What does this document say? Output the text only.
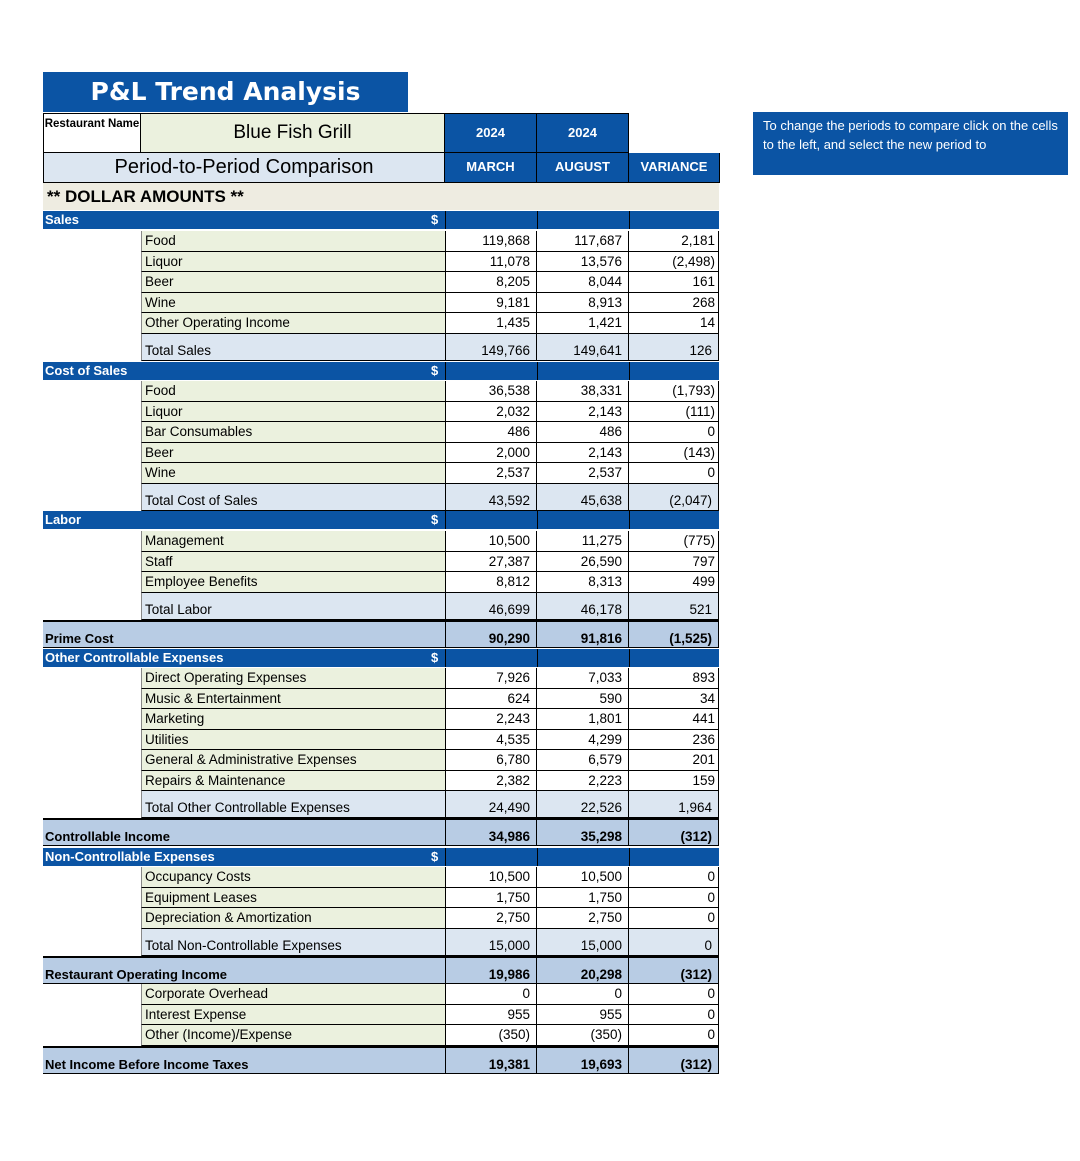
P&L Trend Analysis
To change the periods to compare click on the cells to the left, and select the new period to
Restaurant Name	Blue Fish Grill	2024	2024
Period-to-Period Comparison	MARCH	AUGUST	VARIANCE
** DOLLAR AMOUNTS **
Sales	$
Food	119,868	117,687	2,181
Liquor	11,078	13,576	(2,498)
Beer	8,205	8,044	161
Wine	9,181	8,913	268
Other Operating Income	1,435	1,421	14
Total Sales	149,766	149,641	126
Cost of Sales	$
Food	36,538	38,331	(1,793)
Liquor	2,032	2,143	(111)
Bar Consumables	486	486	0
Beer	2,000	2,143	(143)
Wine	2,537	2,537	0
Total Cost of Sales	43,592	45,638	(2,047)
Labor	$
Management	10,500	11,275	(775)
Staff	27,387	26,590	797
Employee Benefits	8,812	8,313	499
Total Labor	46,699	46,178	521
Prime Cost	90,290	91,816	(1,525)
Other Controllable Expenses	$
Direct Operating Expenses	7,926	7,033	893
Music & Entertainment	624	590	34
Marketing	2,243	1,801	441
Utilities	4,535	4,299	236
General & Administrative Expenses	6,780	6,579	201
Repairs & Maintenance	2,382	2,223	159
Total Other Controllable Expenses	24,490	22,526	1,964
Controllable Income	34,986	35,298	(312)
Non-Controllable Expenses	$
Occupancy Costs	10,500	10,500	0
Equipment Leases	1,750	1,750	0
Depreciation & Amortization	2,750	2,750	0
Total Non-Controllable Expenses	15,000	15,000	0
Restaurant Operating Income	19,986	20,298	(312)
Corporate Overhead	0	0	0
Interest Expense	955	955	0
Other (Income)/Expense	(350)	(350)	0
Net Income Before Income Taxes	19,381	19,693	(312)
